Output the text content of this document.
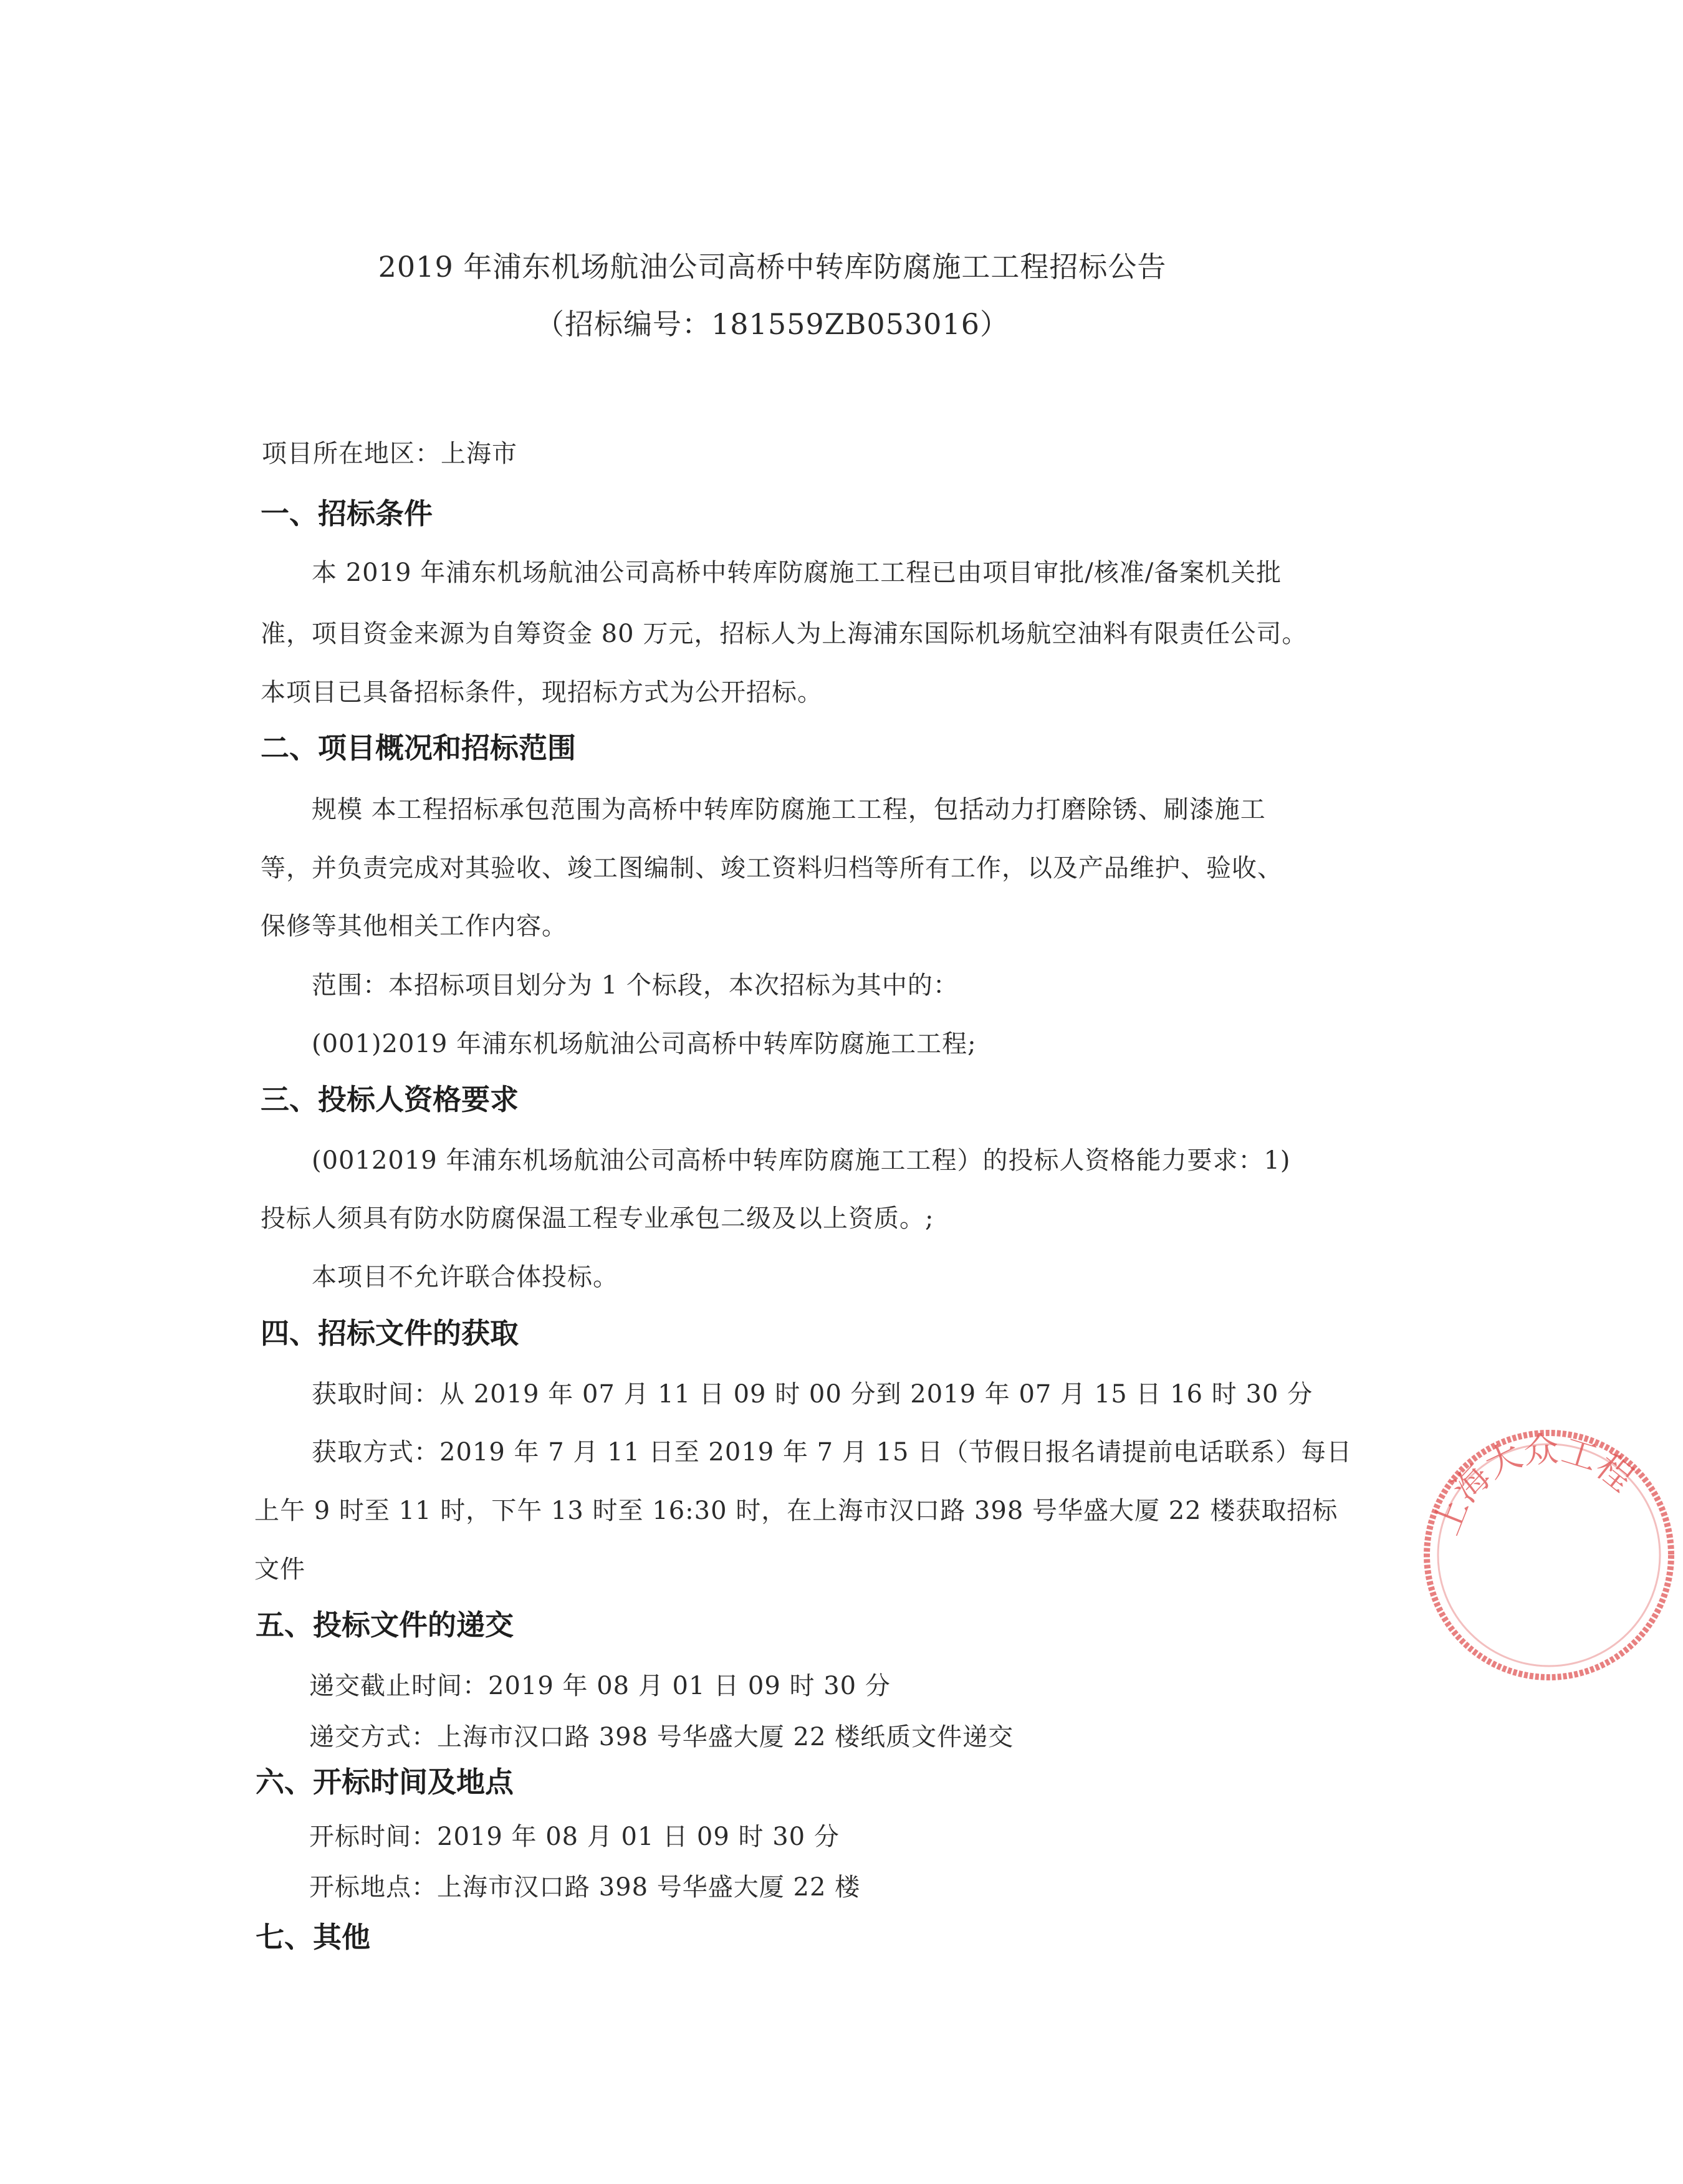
2019 年浦东机场航油公司高桥中转库防腐施工工程招标公告
（招标编号：181559ZB053016）
项目所在地区：上海市
一、招标条件
本 2019 年浦东机场航油公司高桥中转库防腐施工工程已由项目审批/核准/备案机关批
准，项目资金来源为自筹资金 80 万元，招标人为上海浦东国际机场航空油料有限责任公司。
本项目已具备招标条件，现招标方式为公开招标。
二、项目概况和招标范围
规模 本工程招标承包范围为高桥中转库防腐施工工程，包括动力打磨除锈、刷漆施工
等，并负责完成对其验收、竣工图编制、竣工资料归档等所有工作，以及产品维护、验收、
保修等其他相关工作内容。
范围：本招标项目划分为 1 个标段，本次招标为其中的：
(001)2019 年浦东机场航油公司高桥中转库防腐施工工程;
三、投标人资格要求
(0012019 年浦东机场航油公司高桥中转库防腐施工工程）的投标人资格能力要求：1)
投标人须具有防水防腐保温工程专业承包二级及以上资质。;
本项目不允许联合体投标。
四、招标文件的获取
获取时间：从 2019 年 07 月 11 日 09 时 00 分到 2019 年 07 月 15 日 16 时 30 分
获取方式：2019 年 7 月 11 日至 2019 年 7 月 15 日（节假日报名请提前电话联系）每日
上午 9 时至 11 时，下午 13 时至 16:30 时，在上海市汉口路 398 号华盛大厦 22 楼获取招标
文件
五、投标文件的递交
递交截止时间：2019 年 08 月 01 日 09 时 30 分
递交方式：上海市汉口路 398 号华盛大厦 22 楼纸质文件递交
六、开标时间及地点
开标时间：2019 年 08 月 01 日 09 时 30 分
开标地点：上海市汉口路 398 号华盛大厦 22 楼
七、其他
上海大众工程
